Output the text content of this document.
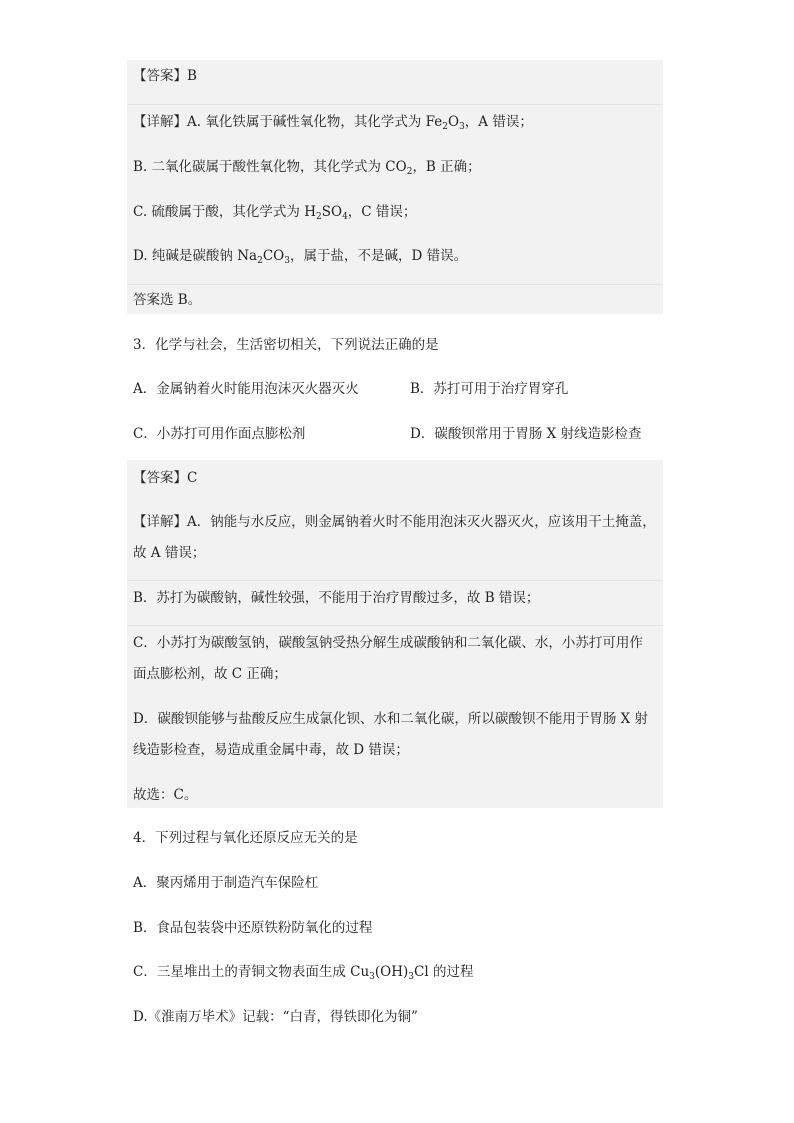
【答案】B
【详解】A. 氧化铁属于碱性氧化物，其化学式为 $Fe_2O_3$，A 错误；
B. 二氧化碳属于酸性氧化物，其化学式为 $CO_2$，B 正确；
C. 硫酸属于酸，其化学式为 $H_2SO_4$，C 错误；
D. 纯碱是碳酸钠 $Na_2CO_3$，属于盐，不是碱，D 错误。
答案选 B。
3．化学与社会，生活密切相关，下列说法正确的是
A．金属钠着火时能用泡沫灭火器灭火	B．苏打可用于治疗胃穿孔
C．小苏打可用作面点膨松剂	D．碳酸钡常用于胃肠 X 射线造影检查
【答案】C
【详解】A．钠能与水反应，则金属钠着火时不能用泡沫灭火器灭火，应该用干土掩盖，
故 A 错误；
B．苏打为碳酸钠，碱性较强，不能用于治疗胃酸过多，故 B 错误；
C．小苏打为碳酸氢钠，碳酸氢钠受热分解生成碳酸钠和二氧化碳、水，小苏打可用作
面点膨松剂，故 C 正确；
D．碳酸钡能够与盐酸反应生成氯化钡、水和二氧化碳，所以碳酸钡不能用于胃肠 X 射
线造影检查，易造成重金属中毒，故 D 错误；
故选：C。
4．下列过程与氧化还原反应无关的是
A．聚丙烯用于制造汽车保险杠
B．食品包装袋中还原铁粉防氧化的过程
C．三星堆出土的青铜文物表面生成 $Cu_3(OH)_3Cl$ 的过程
D.《淮南万毕术》记载：“白青，得铁即化为铜”
